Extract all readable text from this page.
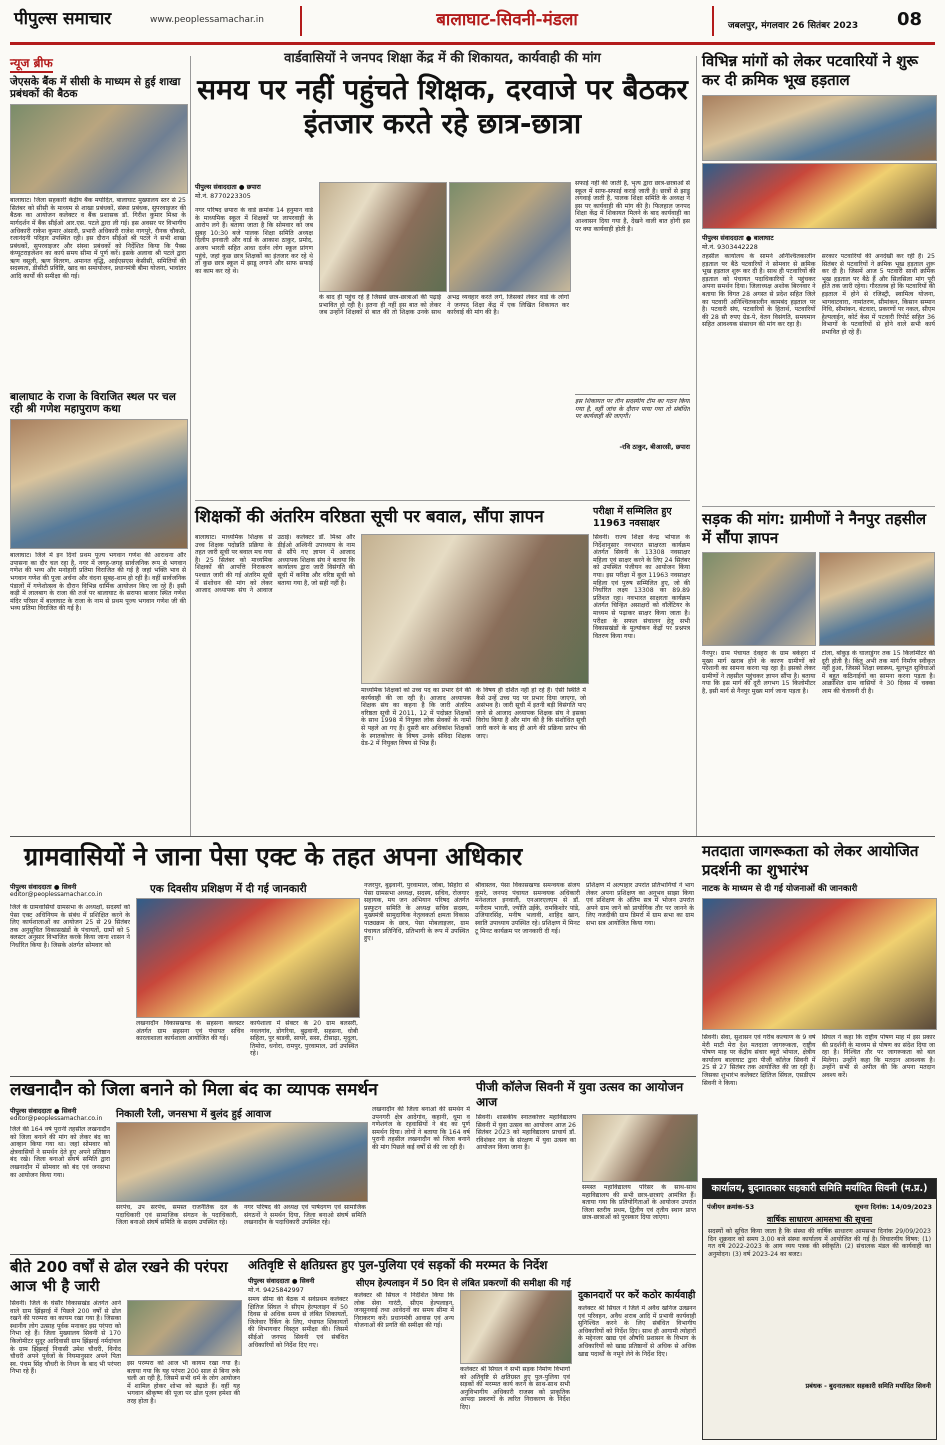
पीपुल्स समाचार	www.peoplessamachar.in	बालाघाट-सिवनी-मंडला	जबलपुर, मंगलवार 26 सितंबर 2023 08
न्यूज ब्रीफ
जेएसके बैंक में सीसी के माध्यम से हुई शाखा प्रबंधकों की बैठक
बालाघाट। जिला सहकारी केंद्रीय बैंक मर्यादित, बालाघाट मुख्यालय स्तर से 25 सितंबर को सीसी के माध्यम से शाखा प्रबंधकों, संस्था प्रबंधक, सुपरवाइजर की बैठक का आयोजन कलेक्टर व बैंक प्रशासक डॉ. गिरीश कुमार मिश्रा के मार्गदर्शन में बैंक सीईओ आर.एस. पटले द्वारा ली गई। इस अवसर पर विभागीय अधिकारी राकेश कुमार अंसारी, प्रभारी अधिकारी राजेश नागपुरे, रौनक चौकसे, रजानंदनी परिहार उपस्थित रही। इस दौरान सीईओ श्री पटले ने सभी शाखा प्रबंधकों, सुपरवाइजर और संस्था प्रबंधकों को निर्देशित किया कि पैक्स कंप्यूटराइजेशन का कार्य समय सीमा में पूर्ण करें। इसके अलावा श्री पटले द्वारा ऋण वसूली, ऋण वितरण, अमानत वृद्धि, आईएसएस केसीसी, समितियों की सदस्यता, डीसीटी प्रविष्टि, खाद का समायोजन, प्रधानमंत्री बीमा योजना, भावांतर आदि कार्यों की समीक्षा की गई।
बालाघाट के राजा के विराजित स्थल पर चल रही श्री गणेश महापुराण कथा
बालाघाट। जिले में इन दिनों प्रथम पूज्य भगवान गणेश की आराधना और उपासना का दौर चल रहा है, नगर में जगह-जगह सार्वजनिक रूप से भगवान गणेश की भव्य और मनोहारी प्रतिमा विराजित की गई है जहां भक्ति भाव से भगवान गणेश की पूजा अर्चना और वंदना सुबह-शाम हो रही है। वहीं सार्वजनिक पंडालों में गणेशोत्सव के दौरान विभिन्न धार्मिक आयोजन किए जा रहे हैं। इसी कड़ी में लालबाग के राजा की तर्ज पर बालाघाट के सराफा बाजार स्थित गणेश मंदिर परिसर में बालाघाट के राजा के नाम से प्रथम पूज्य भगवान गणेश जी की भव्य प्रतिमा विराजित की गई है।
वार्डवासियों ने जनपद शिक्षा केंद्र में की शिकायत, कार्यवाही की मांग
समय पर नहीं पहुंचते शिक्षक, दरवाजे पर बैठकर इंतजार करते रहे छात्र-छात्रा
पीपुल्स संवाददाता ● छपारा
मो.नं. 8770223305
नगर परिषद छपारा के वार्ड क्रमांक 14 हनुमान वार्ड के माध्यमिक स्कूल में शिक्षकों पर लापरवाही के आरोप लगे हैं। बताया जाता है कि सोमवार को जब सुबह 10:30 बजे पालक शिक्षा समिति अध्यक्ष दिलीप इनवाती और वार्ड के आकाश ठाकुर, प्रमोद, अजय भारती सहित आधा दर्जन लोग स्कूल प्रांगण पहुंचे, जहां कुछ छात्र शिक्षकों का इंतजार कर रहे थे तो कुछ छात्र स्कूल में झाडू लगाने और साफ सफाई का काम कर रहे थे।
के बाद ही पहुंच रहे हैं जिससे छात्र-छात्राओं की पढ़ाई प्रभावित हो रही है। इतना ही नहीं इस बात को लेकर जब उन्होंने शिक्षकों से बात की तो शिक्षक उनके साथ अभद्र व्यवहार करते लगे, जिसको लेकर वार्ड के लोगों ने जनपद शिक्षा केंद्र में एक लिखित शिकायत कर कार्रवाई की मांग की है।
सफाई नहीं की जाती है, भृत्य द्वारा छात्र-छात्राओं से स्कूल में साफ-सफाई कराई जाती है। छात्रों से झाडू लगवाई जाती है, पालक शिक्षा समिति के अध्यक्ष ने इस पर कार्यवाही की मांग की है। फिलहाल जनपद शिक्षा केंद्र में शिकायत मिलने के बाद कार्यवाही का आश्वासन दिया गया है, देखने वाली बात होगी इस पर क्या कार्यवाही होती है।
इस शिकायत पर तीन सदस्यीय टीम का गठन किया गया है, वहीं जांच के दौरान पाया गया तो संबंधित पर कार्यवाही की जाएगी।
-रवि ठाकुर, बीआरसी, छपारा
विभिन्न मांगों को लेकर पटवारियों ने शुरू कर दी क्रमिक भूख हड़ताल
पीपुल्स संवाददाता ● बालाघाट
मो.नं. 9303442228
तहसील कार्यालय के सामने अनिश्चितकालीन हड़ताल पर बैठे पटवारियों ने सोमवार से क्रमिक भूख हड़ताल शुरू कर दी है। साथ ही पटवारियों की हड़ताल को पंचायत पदाधिकारियों ने पहुंचकर अपना समर्थन दिया। जिलाध्यक्ष अशोक बिरनवार ने बताया कि विगत 28 अगस्त से प्रदेश सहित जिले का पटवारी अनिश्चितकालीन कामबंद हड़ताल पर है। पटवारी संघ, पटवारियों के हितार्थ, पटवारियों की 28 सौ रुपए ग्रेड-पे, वेतन विसंगति, समयमान सहित आवश्यक संसाधन की मांग कर रहा है।
सरकार पटवारियों की अनदेखी कर रही है। 25 सितंबर से पटवारियों ने क्रमिक भूख हड़ताल शुरू कर दी है। जिसमें आज 5 पटवारी साथी क्रमिक भूख हड़ताल पर बैठे हैं और सिलसिला मांग पूरी होते तक जारी रहेगा। गौरतलब हो कि पटवारियों की हड़ताल में होने से रजिस्ट्री, स्वामित्व योजना, भागवाटवारा, नामांतरण, सीमांकन, किसान सम्मान निधि, सीमांकन, बंटवारा, प्रकरणों पर नकल, सीएम हेल्पलाईन, कोर्ट केस में पटवारी रिपोर्ट सहित 36 विभागों के पटवारियों से होने वाले सभी कार्य प्रभावित हो रहे हैं।
शिक्षकों की अंतरिम वरिष्ठता सूची पर बवाल, सौंपा ज्ञापन
बालाघाट। माध्यमिक शिक्षक से उच्च शिक्षक पदोन्नति प्रक्रिया के तहत जारी सूची पर बवाल मच गया है। 25 सितंबर को माध्यमिक शिक्षकों की आपत्ति निराकरण पश्चात जारी की गई अंतरिम सूची में संशोधन की मांग को लेकर आजाद अध्यापक संघ ने आवाज उठाई। कलेक्टर डॉ. मिश्रा और डीईओ अश्विनी उपाध्याय के नाम से सौंपे गए ज्ञापन में आजाद अध्यापक शिक्षक संघ ने बताया कि कार्यालय द्वारा जारी विसंगति की सूची में कनिष्ठ और वरिष्ठ सूची को बताया गया है, जो सही नहीं है।
माध्यमिक शिक्षकों को उच्च पद का प्रभार देने की कार्यवाही की जा रही है। आजाद अध्यापक शिक्षक संघ का कहना है कि जारी अंतरिम वरिष्ठता सूची में 2011, 12 में पदोन्नत शिक्षकों के साथ 1998 में नियुक्त लोक सेवकों के नामों से पहले आ गए हैं। दूसरी बार अधिकांश शिक्षकों के स्नातकोत्तर के विषय उनके संविदा शिक्षक ग्रेड-2 में नियुक्त विषय से भिन्न हैं।
के विषय ही दर्शित नहीं हो रहे हैं। ऐसी स्थिति में कैसे उन्हें उच्च पद पर प्रभार दिया जाएगा, जो असंभव है। जारी सूची में इतनी बड़ी विसंगति पाए जाने से आजाद अध्यापक शिक्षक संघ ने इसका विरोध किया है और मांग की है कि संशोधित सूची जारी करने के बाद ही आगे की प्रक्रिया प्रारंभ की जाए।
परीक्षा में सम्मिलित हुए 11963 नवसाक्षर
सिवनी। राज्य शिक्षा केन्द्र भोपाल के निर्देशानुसार नवभारत साक्षरता कार्यक्रम अंतर्गत सिवनी के 13308 नवसाक्षर महिला एवं साक्षर करने के लिए 24 सितंबर को उपस्थित पंजीयन का आयोजन किया गया। इस परीक्षा में कुल 11963 नवसाक्षर महिला एवं पुरुष सम्मिलित हुए, जो की निर्धारित लक्ष्य 13308 का 89.89 प्रतिशत रहा। नवभारत साक्षरता कार्यक्रम अंतर्गत चिन्हित असाक्षरों को वॉलेंटियर के माध्यम से पढ़ाकर साक्षर किया जाता है। परीक्षा के सफल संचालन हेतु सभी विकासखंडों के मूल्यांकन केंद्रों पर प्रश्नपत्र वितरण किया गया।
सड़क की मांग: ग्रामीणों ने नैनपुर तहसील में सौंपा ज्ञापन
नैनपुर। ग्राम पंचायत देवहरा के ग्राम बकेहरा में मुख्य मार्ग खराब होने के कारण ग्रामीणों को परेशानी का सामना करना पड़ रहा है। इसको लेकर ग्रामीणों ने तहसील पहुंचकर ज्ञापन सौंपा है। बताया गया कि इस मार्ग की दूरी लगभग 15 किलोमीटर है, इसी मार्ग से नैनपुर मुख्य मार्ग जाना पड़ता है।
टोला, बोंकुड़ के घालाडुंगर तक 15 किलोमीटर की दूरी होती है। किंतु अभी तक मार्ग निर्माण स्वीकृत नहीं हुआ, जिससे शिक्षा स्वास्थ्य, मूलभूत सुविधाओं में बहुत कठिनाईयों का सामना करना पड़ता है। आक्रोशित ग्राम वासियों ने 30 दिवस में चक्का जाम की चेतावनी दी है।
ग्रामवासियों ने जाना पेसा एक्ट के तहत अपना अधिकार
पीपुल्स संवाददाता ● सिवनी
editor@peoplessamachar.co.in
जिले के ग्रामवासियों ग्रामसभा के अध्यक्षों, सदस्यों को पेसा एक्ट अधिनियम के संबंध में प्रशिक्षित करने के लिए कार्यशालाओं का आयोजन 25 से 29 सितंबर तक अनुसूचित विकासखंडों के पंचायतों, ग्रामों को 5 क्लस्टर अनुसार विभाजित करके किया जाना शासन ने निर्धारित किया है। जिसके अंतर्गत सोमवार को
एक दिवसीय प्रशिक्षण में दी गई जानकारी
लखनादौन विकासखण्ड के सहसना क्लस्टर अंतर्गत ग्राम सहसना एवं पंचायत सचिव कारलाशाला कार्यशाला आयोजित की गई।
कार्यशाला में सेक्टर के 20 ग्राम बलसरी, नवलगांव, डोगरिया, बुढ़वानी, सहसना, धोबी सहिता, पुर बाडवी, सायरे, ससा, टीसाढ़ा, मृदुला, तिमोरा, धनोरा, रामपुर, पुरवामाल, उर्रा उपस्थित रहे।
नजरपुर, बुढ़वानी, पुरवामाल, जोबा, सिहोरा से पेसा ग्रामसभा अध्यक्ष, सदस्य, सचिव, रोजगार सहायक, मय जन अभियान परिषद अंतर्गत प्रस्फुटन समिति के अध्यक्ष सचिव सदस्य, मुख्यमंत्री सामुदायिक नेतृत्वकर्ता क्षमता विकास पाठ्यक्रम के छात्र, पेसा मोबलाइजर, ग्राम पंचायत प्रतिनिधि, प्रतिभागी के रूप में उपस्थित हुए।
श्रीवास्तव, पेसा विकासखण्ड समन्वयक संजय कुमरे, जनपद पंचायत समन्वयक अधिकारी मनेशलाल इनवाती, एनआरएलएम से डॉ. मनीराम भारती, ज्योति उईके, रामकिशोर पांडे, उजियारसिंह, मनीष भलावी, शाहिद खान, स्वाति उपाध्याय उपस्थित रहे। प्रशिक्षण में मिनट टू मिनट कार्यक्रम पर जानकारी दी गई।
प्रशिक्षण में अल्पाहार उपरांत प्रतिभागियों ने भाग लेकर अपना प्रशिक्षण का अनुभव साझा किया एवं प्रशिक्षण के अंतिम सत्र में भोजन उपरांत अपने ग्राम जाने को प्रायोगिक तौर पर जानने के लिए नजदीकी ग्राम डिमर्रा में ग्राम सभा का ग्राम सभा सत्र आयोजित किया गया।
मतदाता जागरूकता को लेकर आयोजित प्रदर्शनी का शुभारंभ
नाटक के माध्यम से दी गई योजनाओं की जानकारी
सिवनी। सेवा, सुशासन एवं गरीब कल्याण के 9 वर्ष मेरी माटी मेरा देश मतदाता जागरूकता, राष्ट्रीय पोषण माह पर केंद्रीय संचार ब्यूरो भोपाल, क्षेत्रीय कार्यालय बालाघाट द्वारा पीजी कॉलेज सिवनी में 25 से 27 सितंबर तक आयोजित की जा रही है। जिसका शुभारंभ कलेक्टर क्षितिज सिंघल, एसडीएम सिवनी ने किया।
सिंघल ने कहा कि राष्ट्रीय पोषण माह में इस प्रकार की प्रदर्शनी के माध्यम से पोषण का संदेश दिया जा रहा है। निश्चित तौर पर जागरूकता को बल मिलेगा। उन्होंने कहा कि मतदान आवश्यक है। उन्होंने सभी से अपील की कि अपना मतदान अवश्य करें।
लखनादौन को जिला बनाने को मिला बंद का व्यापक समर्थन
पीपुल्स संवाददाता ● सिवनी
editor@peoplessamachar.co.in
जिले की 164 वर्ष पुरानी तहसील लखनादौन को जिला बनाने की मांग को लेकर बंद का आव्हान किया गया था। जहां सोमवार को क्षेत्रवासियों ने समर्थन देते हुए अपने प्रतिष्ठान बंद रखे। जिला बनाओ संघर्ष समिति द्वारा लखनादौन में सोमवार को बंद एवं जनसभा का आयोजन किया गया।
निकाली रैली, जनसभा में बुलंद हुई आवाज
सरपंच, उप सरपंच, समस्त राजनैतिक दल के पदाधिकारी एवं सामाजिक संगठन के पदाधिकारी, जिला बनाओ संघर्ष समिति के सदस्य उपस्थित रहे।
नगर परिषद की अध्यक्ष एवं पार्षदगण एवं सामाजिक संगठनों ने समर्थन दिया, जिला बनाओ संघर्ष समिति लखनादौन के पदाधिकारी उपस्थित रहे।
लखनादौन की जिला बनाओ की समर्थन में उपनगरी क्षेत्र आदेगांव, कहानी, धूमा व गणेशगंज के रहवासियों ने बंद का पूर्ण समर्थन दिया। लोगों ने बताया कि 164 वर्ष पुरानी तहसील लखनादौन को जिला बनाने की मांग पिछले कई वर्षों से की जा रही है।
पीजी कॉलेज सिवनी में युवा उत्सव का आयोजन आज
सिवनी। शासकीय स्नातकोत्तर महाविद्यालय सिवनी में युवा उत्सव का आयोजन आज 26 सितंबर 2023 को महाविद्यालय प्राचार्य डॉ. रविशंकर नाग के संरक्षण में युवा उत्सव का आयोजन किया जाना है।
समस्त महाविद्यालय परिसर के साथ-साथ महाविद्यालय की सभी छात्र-छात्राएं आमंत्रित हैं। बताया गया कि प्रतियोगिताओं के आयोजन उपरांत जिला स्तरीय प्रथम, द्वितीय एवं तृतीय स्थान प्राप्त छात्र-छात्राओं को पुरस्कार दिया जाएगा।
बीते 200 वर्षों से ढोल रखने की परंपरा आज भी है जारी
सिवनी। जिले के घंसौर विकासखंड अंतर्गत आने वाले ग्राम झिंझरई में पिछले 200 वर्षों से ढोल रखने की परम्परा का कायम रखा गया है। जिसका स्थानीय लोग उत्साह पूर्वक मनाकर इस परंपरा को निभा रहे हैं। जिला मुख्यालय सिवनी से 170 किलोमीटर सुदूर आदिवासी ग्राम झिंझरई नर्मदांचल के ग्राम झिंझरई निवासी उमेश चौधरी, विनोद चौधरी अपने पूर्वजों के नियमानुसार अपने पिता स्व. पंचम सिंह चौधरी के निधन के बाद भी परंपरा निभा रहे हैं।
इस परम्परा को आज भी कायम रखा गया है। बताया गया कि यह परंपरा 200 साल से बिना रुके चली आ रही है, जिसमें सभी धर्म के लोग आयोजन में शामिल होकर शोभा को बढ़ाते हैं। वहीं यह भगवान श्रीकृष्ण की पूजा पर ढोल पूजन हमेशा की तरह होता है।
अतिवृष्टि से क्षतिग्रस्त हुए पुल-पुलिया एवं सड़कों की मरम्मत के निर्देश
सीएम हेल्पलाइन में 50 दिन से लंबित प्रकरणों की समीक्षा की गई
पीपुल्स संवाददाता ● सिवनी
मो.नं. 9425842997
समय सीमा की बैठक में सर्वप्रथम कलेक्टर क्षितिज सिंघल ने सीएम हेल्पलाइन में 50 दिवस से अधिक समय से लंबित शिकायतों, जिलेवार रैंकिंग के लिए, पंचायत शिकायतों की विभागवार विस्तृत समीक्षा की। जिसमें सीईओ जनपद सिवनी एवं संबंधित अधिकारियों को निर्देश दिए गए।
कलेक्टर श्री सिंघल ने निर्देशित किया कि लोक सेवा गारंटी, सीएम हेल्पलाइन, जनसुनवाई तथा आवेदनों का समय सीमा में निराकरण करें। प्रधानमंत्री आवास एवं अन्य योजनाओं की प्रगति की समीक्षा की गई।
कलेक्टर श्री सिंघल ने सभी सड़क निर्माण विभागों को अतिवृष्टि से क्षतिग्रस्त हुए पुल-पुलिया एवं सड़कों की मरम्मत कार्य करने के साथ-साथ सभी अनुविभागीय अधिकारी राजस्व को प्राकृतिक आपदा प्रकरणों के त्वरित निराकरण के निर्देश दिए।
दुकानदारों पर करें कठोर कार्यवाही
कलेक्टर श्री सिंघल ने जिले में अवैध खनिज उत्खनन एवं परिवहन, अवैध शराब आदि में प्रभावी कार्यवाही सुनिश्चित करने के लिए संबंधित विभागीय अधिकारियों को निर्देश दिए। साथ ही आगामी त्योहारों के मद्देनजर खाद्य एवं औषधि प्रशासन के विभाग के अधिकारियों को खाद्य प्रतिष्ठानों से अधिक से अधिक खाद्य पदार्थों के नमूने लेने के निर्देश दिए।
कार्यालय, बुदनातकार सहकारी समिति मर्यादित सिवनी (म.प्र.)
पंजीयन क्रमांक-53	सूचना दिनांक: 14/09/2023
वार्षिक साधारण आमसभा की सूचना
सदस्यों को सूचित किया जाता है कि संस्था की वार्षिक साधारण आमसभा दिनांक 29/09/2023 दिन शुक्रवार को समय 3.00 बजे संस्था कार्यालय में आयोजित की गई है। विचारणीय विषय: (1) गत वर्ष 2022-2023 के आय व्यय पत्रक की स्वीकृति। (2) संचालक मंडल की कार्यवाही का अनुमोदन। (3) वर्ष 2023-24 का बजट।
प्रबंधक - बुदनातकार सहकारी समिति मर्यादित सिवनी
